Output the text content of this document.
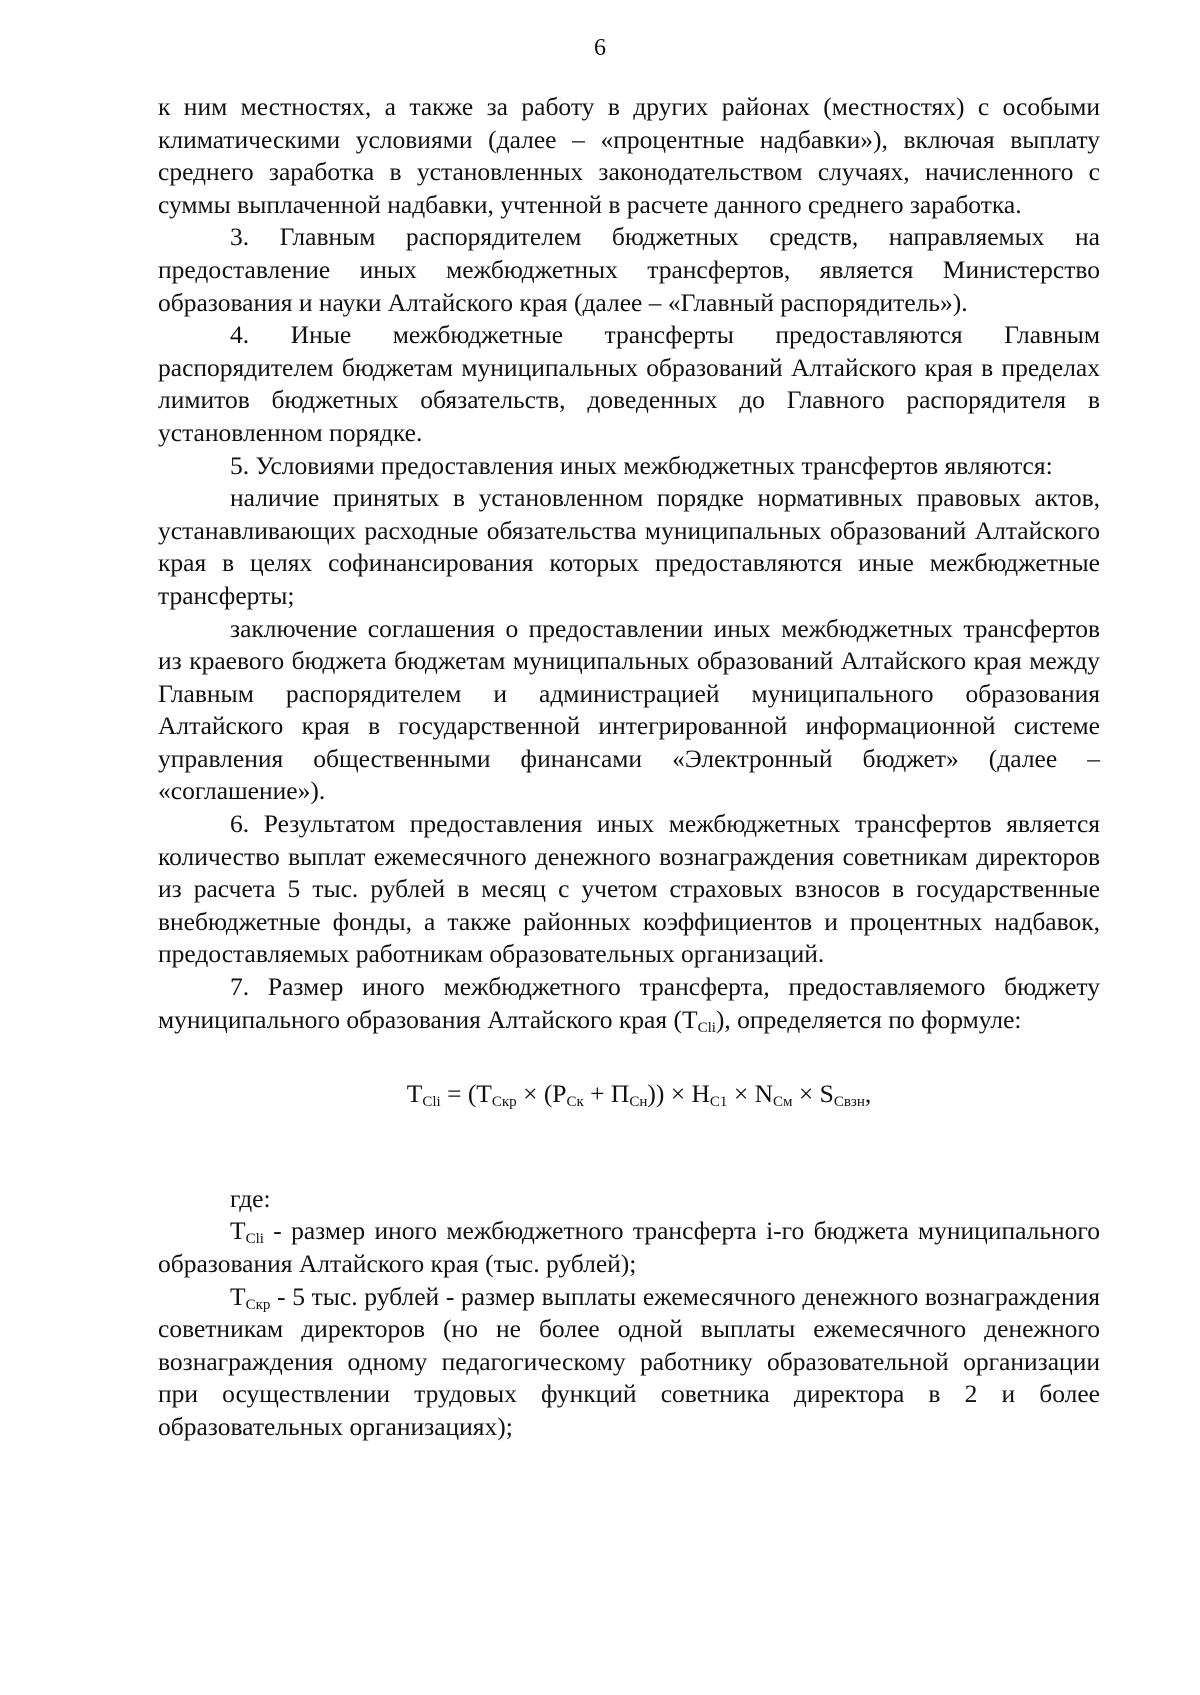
6

к ним местностях, а также за работу в других районах (местностях) с особыми климатическими условиями (далее – «процентные надбавки»), включая выплату среднего заработка в установленных законодательством случаях, начисленного с суммы выплаченной надбавки, учтенной в расчете данного среднего заработка.

3. Главным распорядителем бюджетных средств, направляемых на предоставление иных межбюджетных трансфертов, является Министерство образования и науки Алтайского края (далее – «Главный распорядитель»).

4. Иные межбюджетные трансферты предоставляются Главным распорядителем бюджетам муниципальных образований Алтайского края в пределах лимитов бюджетных обязательств, доведенных до Главного распорядителя в установленном порядке.

5. Условиями предоставления иных межбюджетных трансфертов являются:

наличие принятых в установленном порядке нормативных правовых актов, устанавливающих расходные обязательства муниципальных образований Алтайского края в целях софинансирования которых предоставляются иные межбюджетные трансферты;

заключение соглашения о предоставлении иных межбюджетных трансфертов из краевого бюджета бюджетам муниципальных образований Алтайского края между Главным распорядителем и администрацией муниципального образования Алтайского края в государственной интегрированной информационной системе управления общественными финансами «Электронный бюджет» (далее – «соглашение»).

6. Результатом предоставления иных межбюджетных трансфертов является количество выплат ежемесячного денежного вознаграждения советникам директоров из расчета 5 тыс. рублей в месяц с учетом страховых взносов в государственные внебюджетные фонды, а также районных коэффициентов и процентных надбавок, предоставляемых работникам образовательных организаций.

7. Размер иного межбюджетного трансферта, предоставляемого бюджету муниципального образования Алтайского края $(Т_{Сli})$, определяется по формуле:

$Т_{Сli} = (Т_{Скр} \times (Р_{Ск} + П_{Сн})) \times Н_{С1} \times N_{См} \times S_{Свзн}$,

где:

$Т_{Сli}$ - размер иного межбюджетного трансферта i-го бюджета муниципального образования Алтайского края (тыс. рублей);

$Т_{Скр} - 5$ тыс. рублей - размер выплаты ежемесячного денежного вознаграждения советникам директоров (но не более одной выплаты ежемесячного денежного вознаграждения одному педагогическому работнику образовательной организации при осуществлении трудовых функций советника директора в 2 и более образовательных организациях);
